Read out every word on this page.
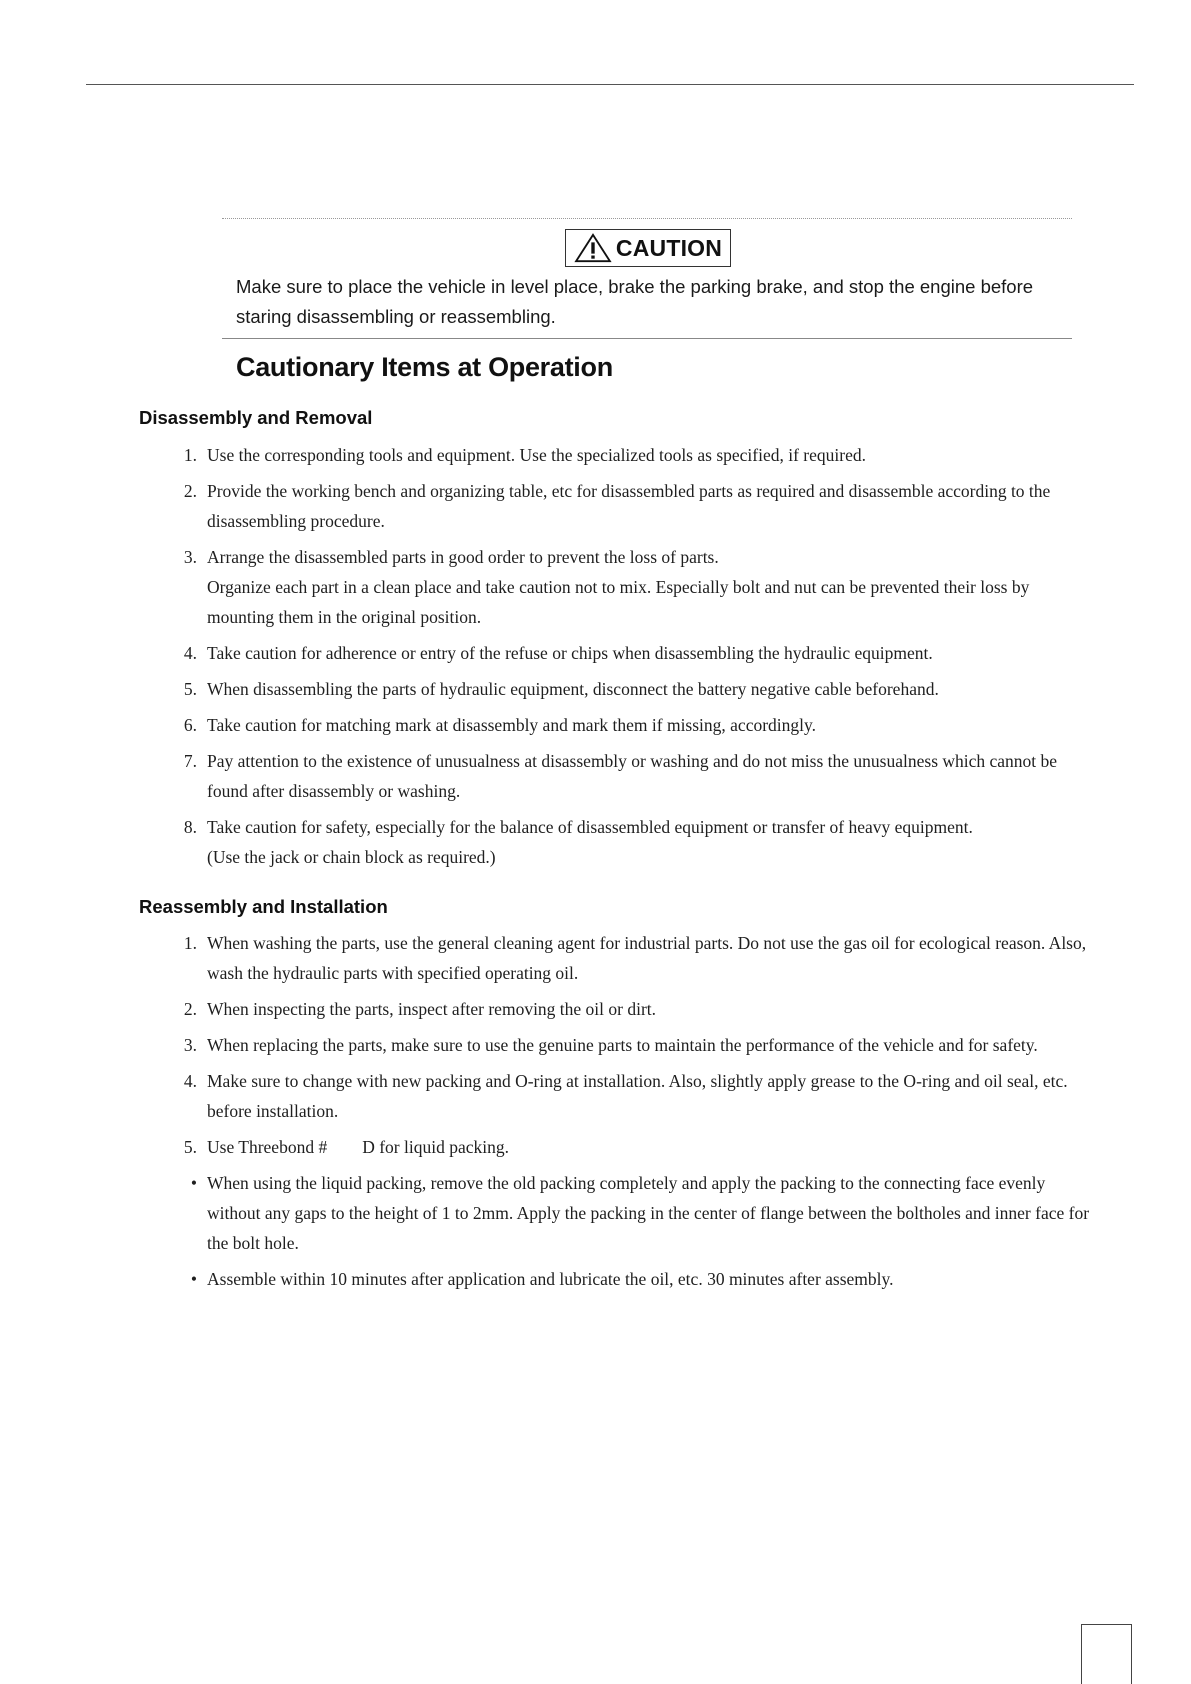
CAUTION
Make sure to place the vehicle in level place, brake the parking brake, and stop the engine before staring disassembling or reassembling.
Cautionary Items at Operation
Disassembly and Removal
1. Use the corresponding tools and equipment. Use the specialized tools as specified, if required.
2. Provide the working bench and organizing table, etc for disassembled parts as required and disassemble according to the disassembling procedure.
3. Arrange the disassembled parts in good order to prevent the loss of parts.
Organize each part in a clean place and take caution not to mix. Especially bolt and nut can be prevented their loss by mounting them in the original position.
4. Take caution for adherence or entry of the refuse or chips when disassembling the hydraulic equipment.
5. When disassembling the parts of hydraulic equipment, disconnect the battery negative cable beforehand.
6. Take caution for matching mark at disassembly and mark them if missing, accordingly.
7. Pay attention to the existence of unusualness at disassembly or washing and do not miss the unusualness which cannot be found after disassembly or washing.
8. Take caution for safety, especially for the balance of disassembled equipment or transfer of heavy equipment.
(Use the jack or chain block as required.)
Reassembly and Installation
1. When washing the parts, use the general cleaning agent for industrial parts. Do not use the gas oil for ecological reason. Also, wash the hydraulic parts with specified operating oil.
2. When inspecting the parts, inspect after removing the oil or dirt.
3. When replacing the parts, make sure to use the genuine parts to maintain the performance of the vehicle and for safety.
4. Make sure to change with new packing and O-ring at installation. Also, slightly apply grease to the O-ring and oil seal, etc. before installation.
5. Use Threebond #        D for liquid packing.
• When using the liquid packing, remove the old packing completely and apply the packing to the connecting face evenly without any gaps to the height of 1 to 2mm. Apply the packing in the center of flange between the boltholes and inner face for the bolt hole.
• Assemble within 10 minutes after application and lubricate the oil, etc. 30 minutes after assembly.
